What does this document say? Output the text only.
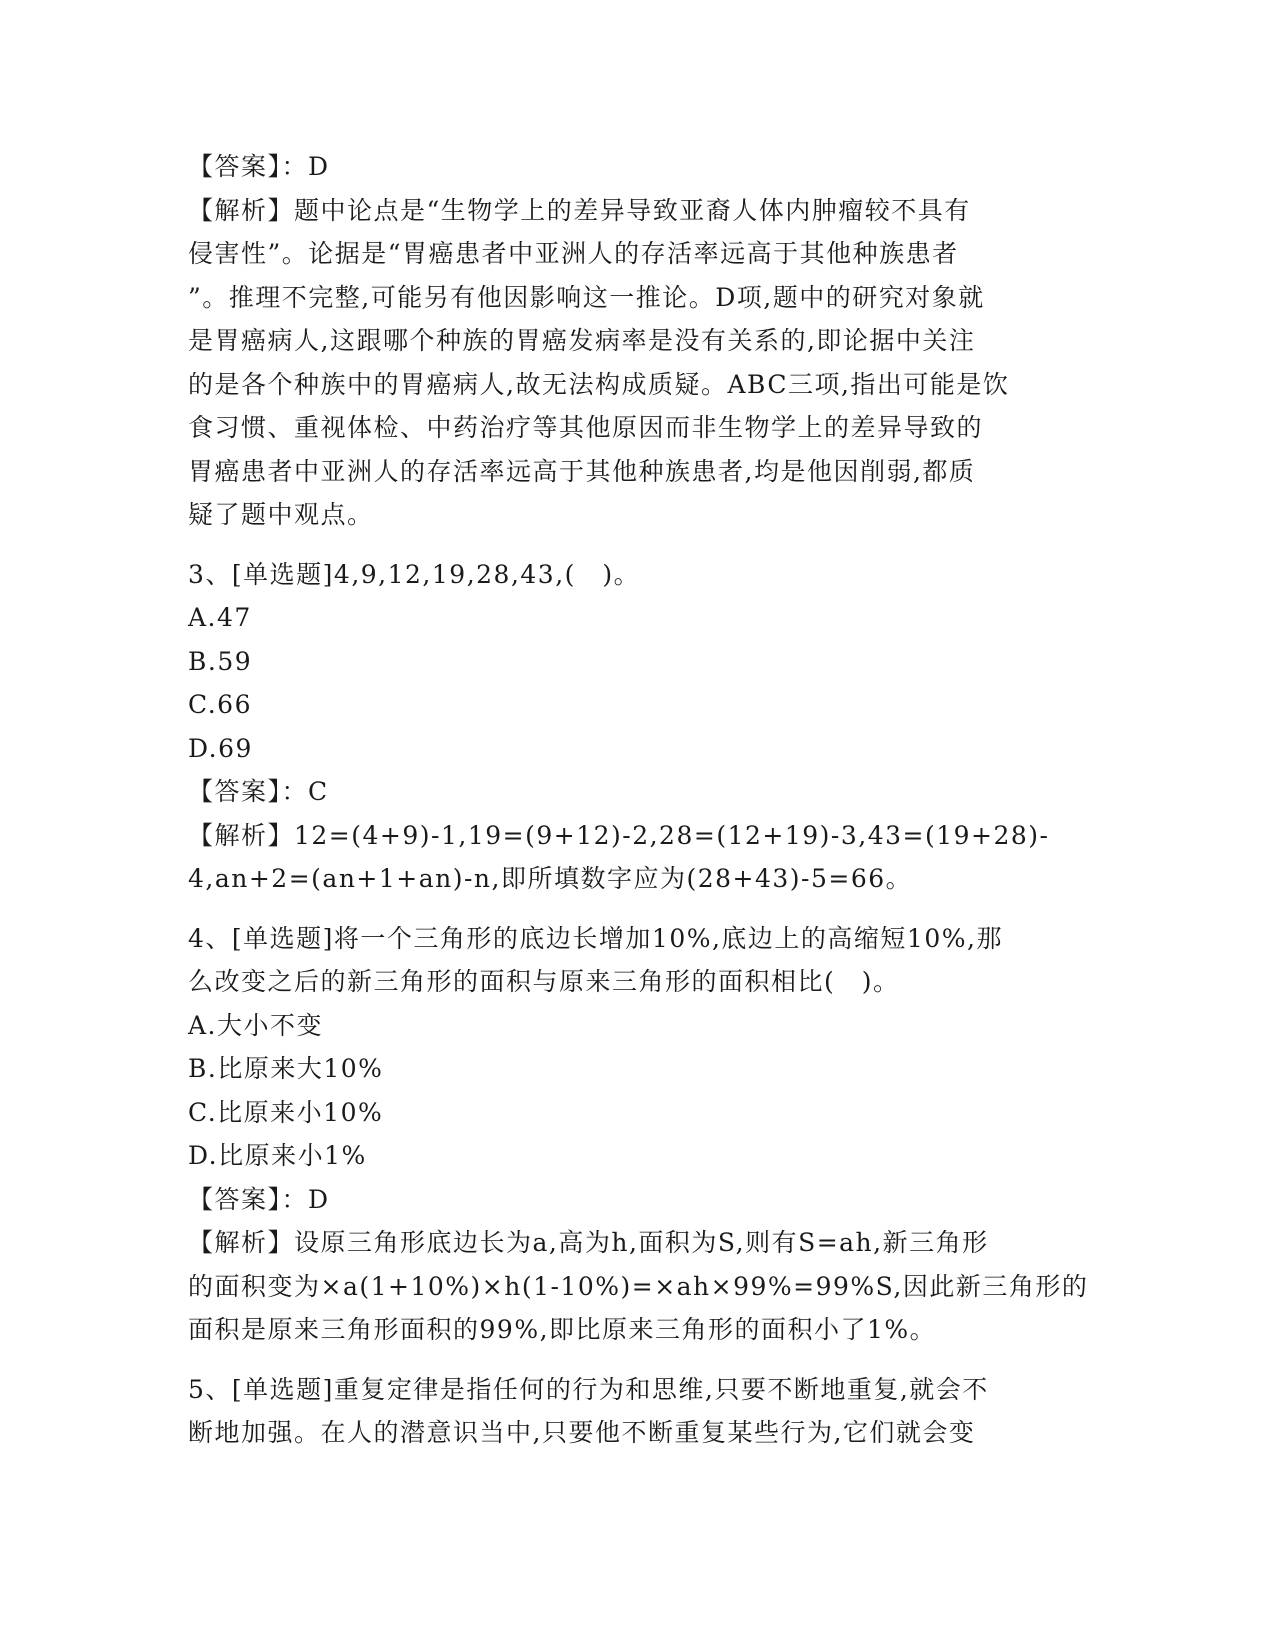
【答案】：D
【解析】题中论点是“生物学上的差异导致亚裔人体内肿瘤较不具有
侵害性”。论据是“胃癌患者中亚洲人的存活率远高于其他种族患者
”。推理不完整,可能另有他因影响这一推论。D项,题中的研究对象就
是胃癌病人,这跟哪个种族的胃癌发病率是没有关系的,即论据中关注
的是各个种族中的胃癌病人,故无法构成质疑。ABC三项,指出可能是饮
食习惯、重视体检、中药治疗等其他原因而非生物学上的差异导致的
胃癌患者中亚洲人的存活率远高于其他种族患者,均是他因削弱,都质
疑了题中观点。
3、[单选题]4,9,12,19,28,43,(　)。
A.47
B.59
C.66
D.69
【答案】：C
【解析】12=(4+9)-1,19=(9+12)-2,28=(12+19)-3,43=(19+28)-
4,an+2=(an+1+an)-n,即所填数字应为(28+43)-5=66。
4、[单选题]将一个三角形的底边长增加10%,底边上的高缩短10%,那
么改变之后的新三角形的面积与原来三角形的面积相比(　)。
A.大小不变
B.比原来大10%
C.比原来小10%
D.比原来小1%
【答案】：D
【解析】设原三角形底边长为a,高为h,面积为S,则有S=ah,新三角形
的面积变为×a(1+10%)×h(1-10%)=×ah×99%=99%S,因此新三角形的
面积是原来三角形面积的99%,即比原来三角形的面积小了1%。
5、[单选题]重复定律是指任何的行为和思维,只要不断地重复,就会不
断地加强。在人的潜意识当中,只要他不断重复某些行为,它们就会变
